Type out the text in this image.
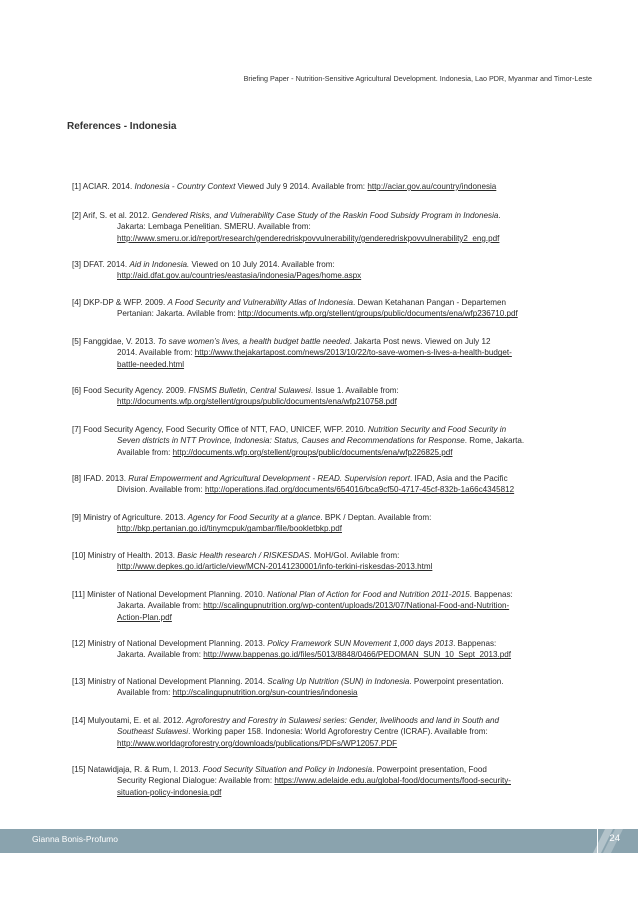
Briefing Paper - Nutrition-Sensitive Agricultural Development. Indonesia, Lao PDR, Myanmar and Timor-Leste
References - Indonesia
[1] ACIAR. 2014. Indonesia - Country Context Viewed July 9 2014. Available from: http://aciar.gov.au/country/indonesia
[2] Arif, S. et al. 2012. Gendered Risks, and Vulnerability Case Study of the Raskin Food Subsidy Program in Indonesia.
Jakarta: Lembaga Penelitian. SMERU. Available from:
http://www.smeru.or.id/report/research/genderedriskpovvulnerability/genderedriskpovvulnerability2_eng.pdf
[3] DFAT. 2014. Aid in Indonesia. Viewed on 10 July 2014. Available from:
http://aid.dfat.gov.au/countries/eastasia/indonesia/Pages/home.aspx
[4] DKP-DP & WFP. 2009. A Food Security and Vulnerability Atlas of Indonesia. Dewan Ketahanan Pangan - Departemen
Pertanian: Jakarta. Avilable from: http://documents.wfp.org/stellent/groups/public/documents/ena/wfp236710.pdf
[5] Fanggidae, V. 2013. To save women’s lives, a health budget battle needed. Jakarta Post news. Viewed on July 12
2014. Available from: http://www.thejakartapost.com/news/2013/10/22/to-save-women-s-lives-a-health-budget-
battle-needed.html
[6] Food Security Agency. 2009. FNSMS Bulletin, Central Sulawesi. Issue 1. Available from:
http://documents.wfp.org/stellent/groups/public/documents/ena/wfp210758.pdf
[7] Food Security Agency, Food Security Office of NTT, FAO, UNICEF, WFP. 2010. Nutrition Security and Food Security in
Seven districts in NTT Province, Indonesia: Status, Causes and Recommendations for Response. Rome, Jakarta.
Available from: http://documents.wfp.org/stellent/groups/public/documents/ena/wfp226825.pdf
[8] IFAD. 2013. Rural Empowerment and Agricultural Development - READ. Supervision report. IFAD, Asia and the Pacific
Division. Available from: http://operations.ifad.org/documents/654016/bca9cf50-4717-45cf-832b-1a66c4345812
[9] Ministry of Agriculture. 2013. Agency for Food Security at a glance. BPK / Deptan. Available from:
http://bkp.pertanian.go.id/tinymcpuk/gambar/file/bookletbkp.pdf
[10] Ministry of Health. 2013. Basic Health research / RISKESDAS. MoH/GoI. Avilable from:
http://www.depkes.go.id/article/view/MCN-20141230001/info-terkini-riskesdas-2013.html
[11] Minister of National Development Planning. 2010. National Plan of Action for Food and Nutrition 2011-2015. Bappenas:
Jakarta. Available from: http://scalingupnutrition.org/wp-content/uploads/2013/07/National-Food-and-Nutrition-
Action-Plan.pdf
[12] Ministry of National Development Planning. 2013. Policy Framework SUN Movement 1,000 days 2013. Bappenas:
Jakarta. Available from: http://www.bappenas.go.id/files/5013/8848/0466/PEDOMAN_SUN_10_Sept_2013.pdf
[13] Ministry of National Development Planning. 2014. Scaling Up Nutrition (SUN) in Indonesia. Powerpoint presentation.
Available from: http://scalingupnutrition.org/sun-countries/indonesia
[14] Mulyoutami, E. et al. 2012. Agroforestry and Forestry in Sulawesi series: Gender, livelihoods and land in South and
Southeast Sulawesi. Working paper 158. Indonesia: World Agroforestry Centre (ICRAF). Available from:
http://www.worldagroforestry.org/downloads/publications/PDFs/WP12057.PDF
[15] Natawidjaja, R. & Rum, I. 2013. Food Security Situation and Policy in Indonesia. Powerpoint presentation, Food
Security Regional Dialogue: Available from: https://www.adelaide.edu.au/global-food/documents/food-security-
situation-policy-indonesia.pdf
Gianna Bonis-Profumo	24
